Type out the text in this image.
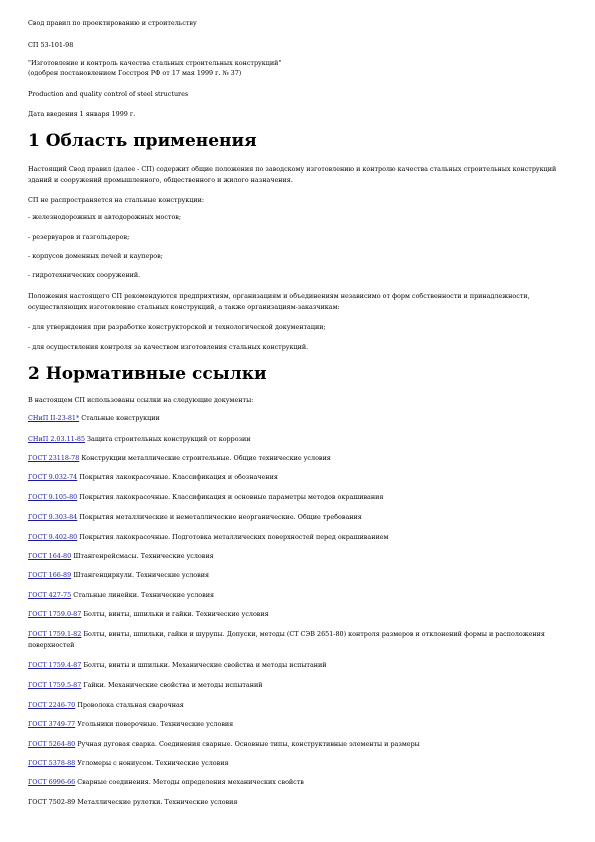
Свод правил по проектированию и строительству
СП 53-101-98
"Изготовление и контроль качества стальных строительных конструкций"
(одобрен постановлением Госстроя РФ от 17 мая 1999 г. № 37)
Production and quality control of steel structures
Дата введения 1 января 1999 г.
1 Область применения
Настоящий Свод правил (далее - СП) содержит общие положения по заводскому изготовлению и контролю качества стальных строительных конструкций зданий и сооружений промышленного, общественного и жилого назначения.
СП не распространяется на стальные конструкции:
- железнодорожных и автодорожных мостов;
- резервуаров и газгольдеров;
- корпусов доменных печей и кауперов;
- гидротехнических сооружений.
Положения настоящего СП рекомендуются предприятиям, организациям и объединениям независимо от форм собственности и принадлежности, осуществляющих изготовление стальных конструкций, а также организациям-заказчикам:
- для утверждения при разработке конструкторской и технологической документации;
- для осуществления контроля за качеством изготовления стальных конструкций.
2 Нормативные ссылки
В настоящем СП использованы ссылки на следующие документы:
СНиП II-23-81* Стальные конструкции
СНиП 2.03.11-85 Защита строительных конструкций от коррозии
ГОСТ 23118-78 Конструкции металлические строительные. Общие технические условия
ГОСТ 9.032-74 Покрытия лакокрасочные. Классификация и обозначения
ГОСТ 9.105-80 Покрытия лакокрасочные. Классификация и основные параметры методов окрашивания
ГОСТ 9.303-84 Покрытия металлические и неметаллические неорганические. Общие требования
ГОСТ 9.402-80 Покрытия лакокрасочные. Подготовка металлических поверхностей перед окрашиванием
ГОСТ 164-80 Штангенрейсмасы. Технические условия
ГОСТ 166-89 Штангенциркули. Технические условия
ГОСТ 427-75 Стальные линейки. Технические условия
ГОСТ 1759.0-87 Болты, винты, шпильки и гайки. Технические условия
ГОСТ 1759.1-82 Болты, винты, шпильки, гайки и шурупы. Допуски, методы (СТ СЭВ 2651-80) контроля размеров и отклонений формы и расположения поверхностей
ГОСТ 1759.4-87 Болты, винты и шпильки. Механические свойства и методы испытаний
ГОСТ 1759.5-87 Гайки. Механические свойства и методы испытаний
ГОСТ 2246-70 Проволока стальная сварочная
ГОСТ 3749-77 Угольники поверочные. Технические условия
ГОСТ 5264-80 Ручная дуговая сварка. Соединения сварные. Основные типы, конструктивные элементы и размеры
ГОСТ 5378-88 Угломеры с нониусом. Технические условия
ГОСТ 6996-66 Сварные соединения. Методы определения механических свойств
ГОСТ 7502-89 Металлические рулетки. Технические условия
